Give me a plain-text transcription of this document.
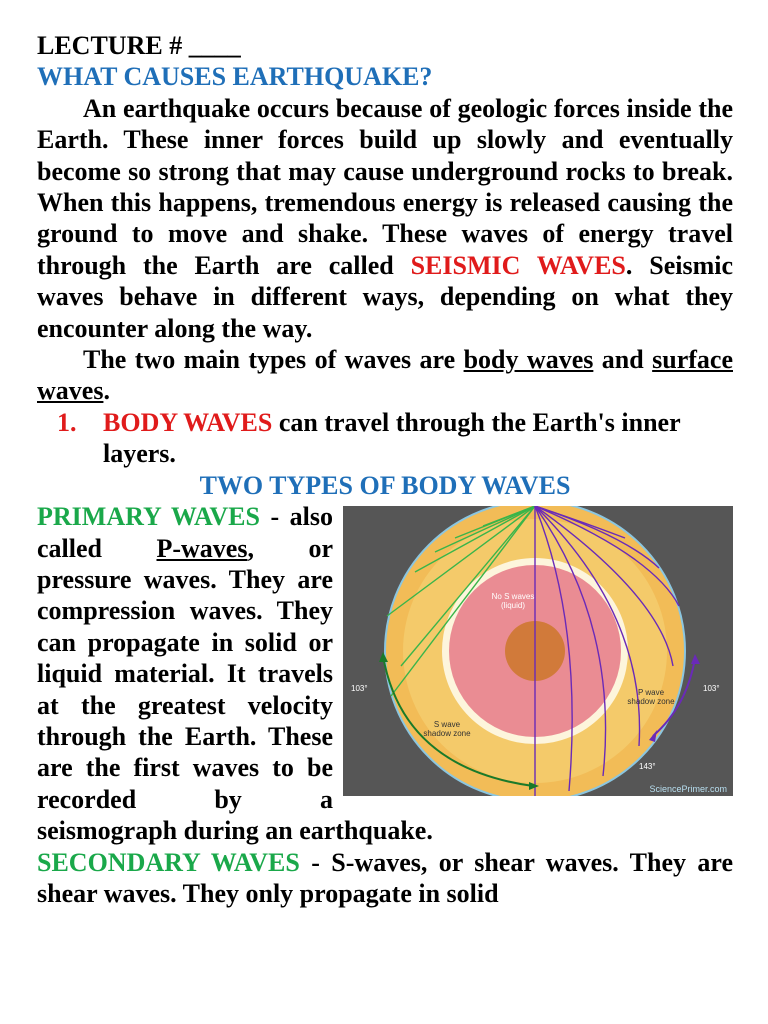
LECTURE # ____

WHAT CAUSES EARTHQUAKE?

An earthquake occurs because of geologic forces inside the Earth. These inner forces build up slowly and eventually become so strong that may cause underground rocks to break. When this happens, tremendous energy is released causing the ground to move and shake. These waves of energy travel through the Earth are called SEISMIC WAVES. Seismic waves behave in different ways, depending on what they encounter along the way.

The two main types of waves are body waves and surface waves.

1. BODY WAVES can travel through the Earth's inner layers.

TWO TYPES OF BODY WAVES

No S waves
(liquid)
P wave
shadow zone
S wave
shadow zone
103°	103°
143°
SciencePrimer.com

PRIMARY WAVES - also called P-waves, or pressure waves. They are compression waves. They can propagate in solid or liquid material. It travels at the greatest velocity through the Earth. These are the first waves to be recorded by a seismograph during an earthquake.

SECONDARY WAVES - S-waves, or shear waves. They are shear waves. They only propagate in solid
